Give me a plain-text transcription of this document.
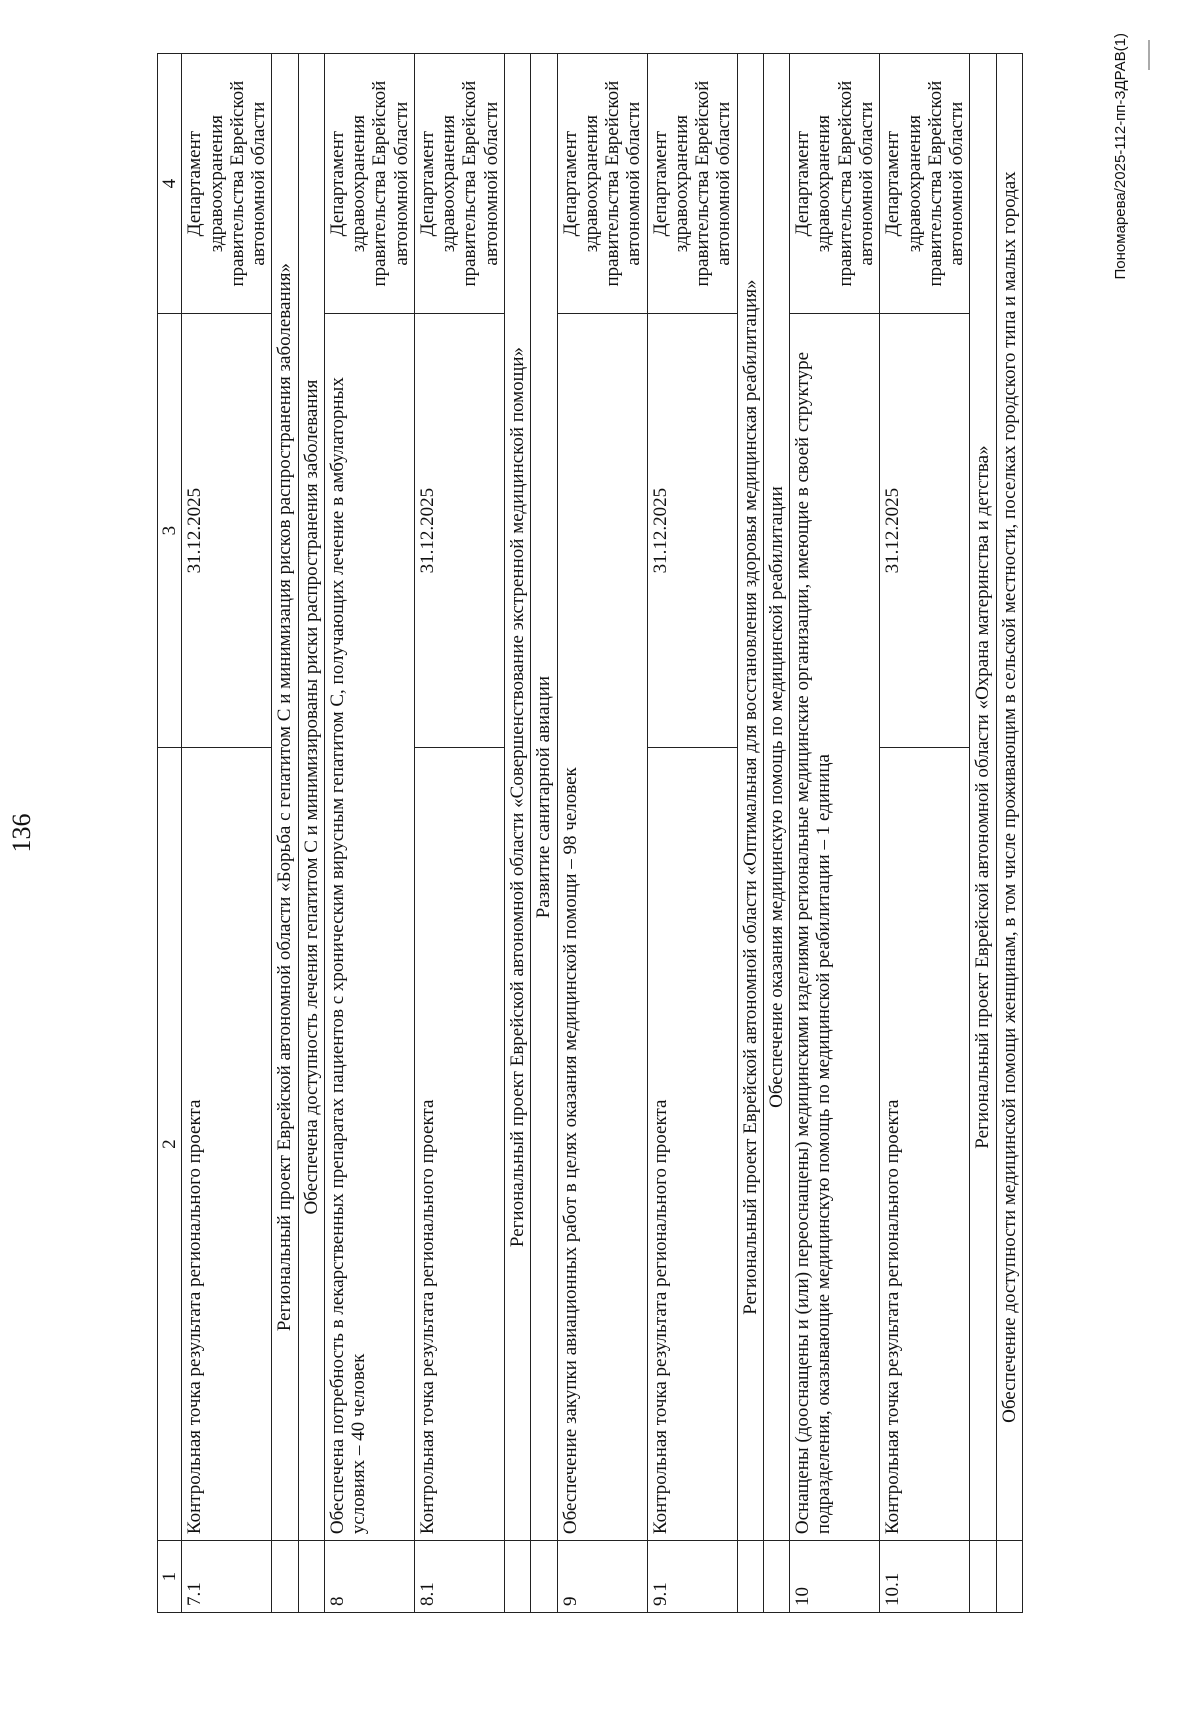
136
1	2	3	4
7.1	Контрольная точка результата регионального проекта	31.12.2025	Департамент здравоохранения правительства Еврейской автономной области
	Региональный проект Еврейской автономной области «Борьба с гепатитом С и минимизация рисков распространения заболевания»		
	Обеспечена доступность лечения гепатитом С и минимизированы риски распространения заболевания		
8	Обеспечена потребность в лекарственных препаратах пациентов с хроническим вирусным гепатитом С, получающих лечение в амбулаторных условиях – 40 человек		Департамент здравоохранения правительства Еврейской автономной области
8.1	Контрольная точка результата регионального проекта	31.12.2025	Департамент здравоохранения правительства Еврейской автономной области
	Региональный проект Еврейской автономной области «Совершенствование экстренной медицинской помощи»		
	Развитие санитарной авиации		
9	Обеспечение закупки авиационных работ в целях оказания медицинской помощи – 98 человек		Департамент здравоохранения правительства Еврейской автономной области
9.1	Контрольная точка результата регионального проекта	31.12.2025	Департамент здравоохранения правительства Еврейской автономной области
	Региональный проект Еврейской автономной области «Оптимальная для восстановления здоровья медицинская реабилитация»		
	Обеспечение оказания медицинскую помощь по медицинской реабилитации		
10	Оснащены (дооснащены и (или) переоснащены) медицинскими изделиями региональные медицинские организации, имеющие в своей структуре подразделения, оказывающие медицинскую помощь по медицинской реабилитации – 1 единица		Департамент здравоохранения правительства Еврейской автономной области
10.1	Контрольная точка результата регионального проекта	31.12.2025	Департамент здравоохранения правительства Еврейской автономной области
	Региональный проект Еврейской автономной области «Охрана материнства и детства»		
	Обеспечение доступности медицинской помощи женщинам, в том числе проживающим в сельской местности, поселках городского типа и малых городах		
Пономарева/2025-112-пп-ЗДРАВ(1)
